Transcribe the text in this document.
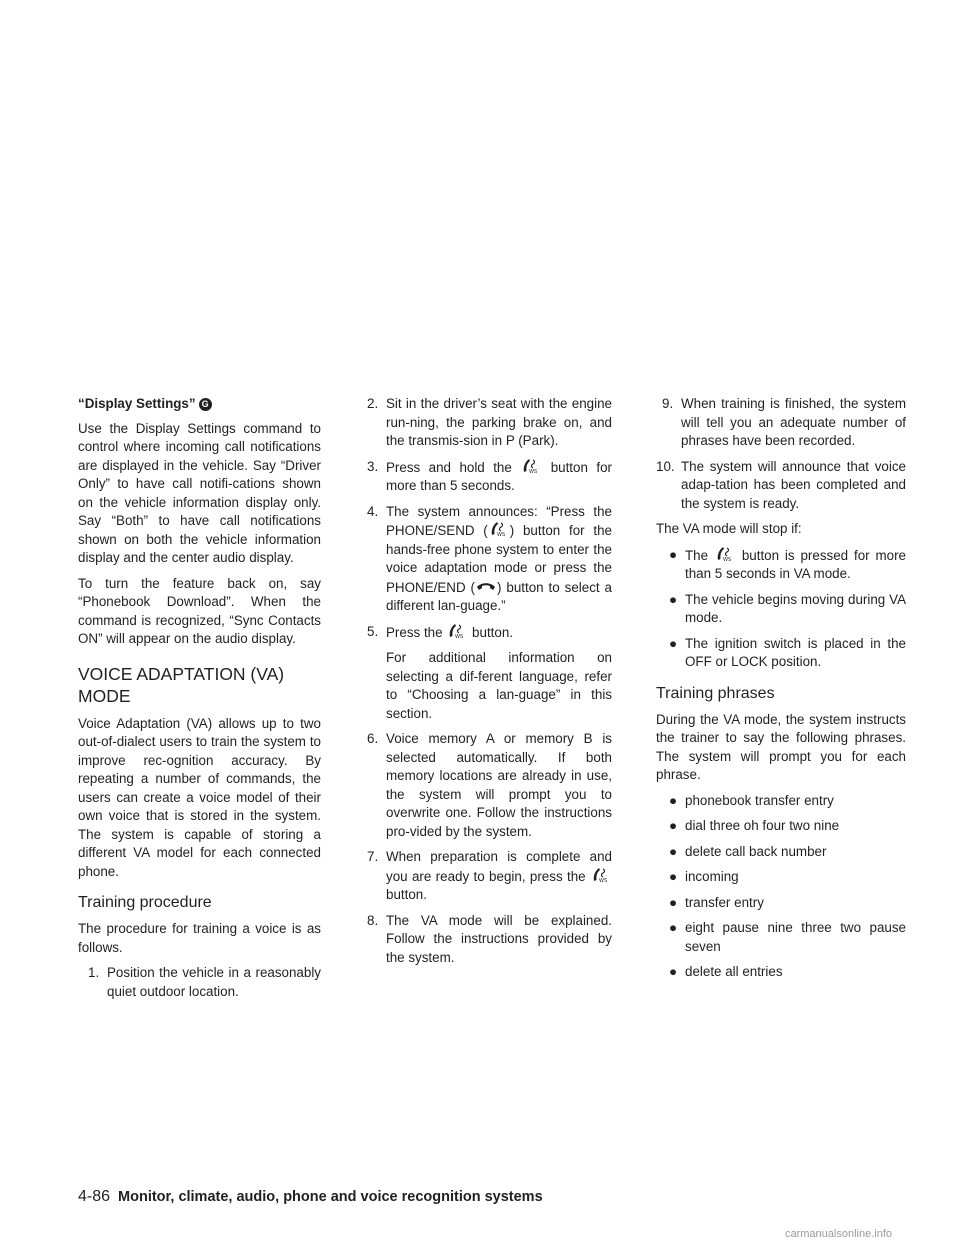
“Display Settings” G

Use the Display Settings command to control where incoming call notifications are displayed in the vehicle. Say “Driver Only” to have call notifi-cations shown on the vehicle information display only. Say “Both” to have call notifications shown on both the vehicle information display and the center audio display.

To turn the feature back on, say “Phonebook Download”. When the command is recognized, “Sync Contacts ON” will appear on the audio display.

VOICE ADAPTATION (VA) MODE

Voice Adaptation (VA) allows up to two out-of-dialect users to train the system to improve rec-ognition accuracy. By repeating a number of commands, the users can create a voice model of their own voice that is stored in the system. The system is capable of storing a different VA model for each connected phone.

Training procedure

The procedure for training a voice is as follows.

1. Position the vehicle in a reasonably quiet outdoor location.
2. Sit in the driver’s seat with the engine run-ning, the parking brake on, and the transmis-sion in P (Park).
3. Press and hold the	WS button for more than 5 seconds.
4. The system announces: “Press the PHONE/SEND ( WS ) button for the hands-free phone system to enter the voice adaptation mode or press the PHONE/END ( ) button to select a different lan-guage.”
5. Press the	WS button.

For additional information on selecting a dif-ferent language, refer to “Choosing a lan-guage” in this section.

6. Voice memory A or memory B is selected automatically. If both memory locations are already in use, the system will prompt you to overwrite one. Follow the instructions pro-vided by the system.
7. When preparation is complete and you are ready to begin, press the	WS
button.
8. The VA mode will be explained. Follow the instructions provided by the system.
9. When training is finished, the system will tell you an adequate number of phrases have been recorded.
10. The system will announce that voice adap-tation has been completed and the system is ready.

The VA mode will stop if:

● The	WS button is pressed for more than 5 seconds in VA mode.
● The vehicle begins moving during VA mode.
● The ignition switch is placed in the OFF or LOCK position.
Training phrases

During the VA mode, the system instructs the trainer to say the following phrases. The system will prompt you for each phrase.

● phonebook transfer entry
● dial three oh four two nine
● delete call back number
● incoming
● transfer entry
● eight pause nine three two pause seven
● delete all entries
4-86 Monitor, climate, audio, phone and voice recognition systems
carmanualsonline.info
